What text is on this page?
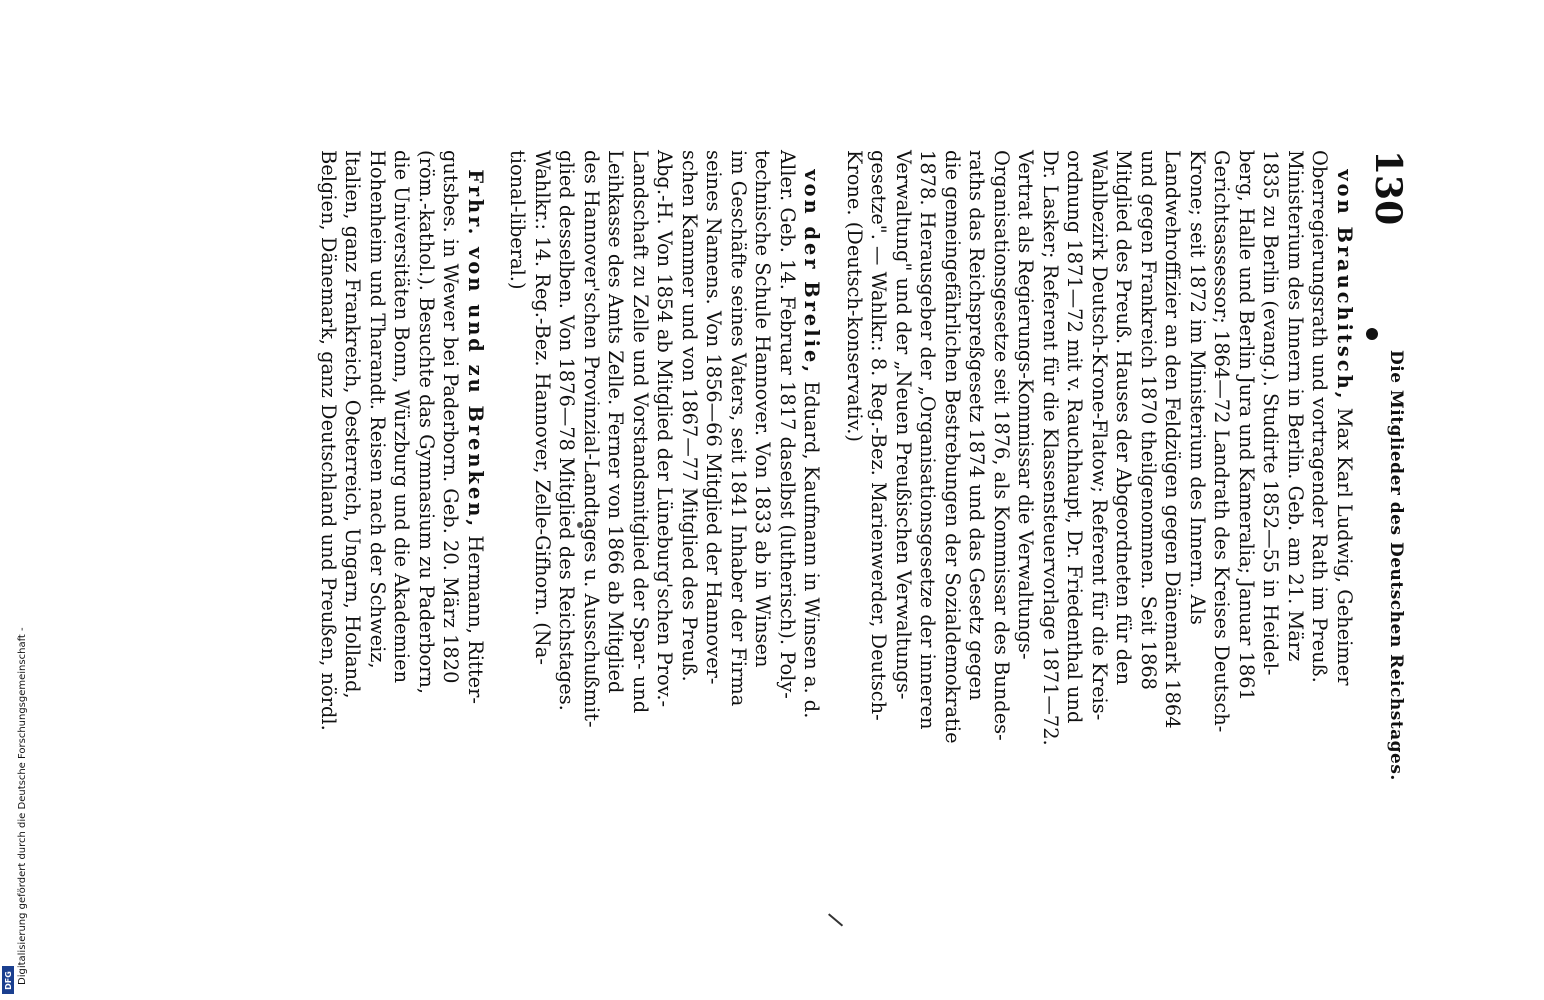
130
Die Mitglieder des Deutschen Reichstages.
 von Brauchitsch, Max Karl Ludwig, Geheimer
Oberregierungsrath und vortragender Rath im Preuß.
Ministerium des Innern in Berlin. Geb. am 21. März
1835 zu Berlin (evang.). Studirte 1852—55 in Heidel-
berg, Halle und Berlin Jura und Kameralia; Januar 1861
Gerichtsassessor; 1864—72 Landrath des Kreises Deutsch-
Krone; seit 1872 im Ministerium des Innern. Als
Landwehroffizier an den Feldzügen gegen Dänemark 1864
und gegen Frankreich 1870 theilgenommen. Seit 1868
Mitglied des Preuß. Hauses der Abgeordneten für den
Wahlbezirk Deutsch-Krone-Flatow; Referent für die Kreis-
ordnung 1871—72 mit v. Rauchhaupt, Dr. Friedenthal und
Dr. Lasker; Referent für die Klassensteuervorlage 1871—72.
Vertrat als Regierungs-Kommissar die Verwaltungs-
Organisationsgesetze seit 1876, als Kommissar des Bundes-
raths das Reichspreßgesetz 1874 und das Gesetz gegen
die gemeingefährlichen Bestrebungen der Sozialdemokratie
1878. Herausgeber der „Organisationsgesetze der inneren
Verwaltung" und der „Neuen Preußischen Verwaltungs-
gesetze". — Wahlkr.: 8. Reg.-Bez. Marienwerder, Deutsch-
Krone. (Deutsch-konservativ.)
 von der Brelie, Eduard, Kaufmann in Winsen a. d.
Aller. Geb. 14. Februar 1817 daselbst (lutherisch). Poly-
technische Schule Hannover. Von 1833 ab in Winsen
im Geschäfte seines Vaters, seit 1841 Inhaber der Firma
seines Namens. Von 1856—66 Mitglied der Hannover-
schen Kammer und von 1867—77 Mitglied des Preuß.
Abg.-H. Von 1854 ab Mitglied der Lüneburg'schen Prov.-
Landschaft zu Zelle und Vorstandsmitglied der Spar- und
Leihkasse des Amts Zelle. Ferner von 1866 ab Mitglied
des Hannover'schen Provinzial-Landtages u. Ausschußmit-
glied desselben. Von 1876—78 Mitglied des Reichstages.
Wahlkr.: 14. Reg.-Bez. Hannover, Zelle-Gifhorn. (Na-
tional-liberal.)
 Frhr. von und zu Brenken, Hermann, Ritter-
gutsbes. in Wewer bei Paderborn. Geb. 20. März 1820
(röm.-kathol.). Besuchte das Gymnasium zu Paderborn,
die Universitäten Bonn, Würzburg und die Akademien
Hohenheim und Tharandt. Reisen nach der Schweiz,
Italien, ganz Frankreich, Oesterreich, Ungarn, Holland,
Belgien, Dänemark, ganz Deutschland und Preußen, nördl.
Digitalisierung gefördert durch die Deutsche Forschungsgemeinschaft -
DFG
